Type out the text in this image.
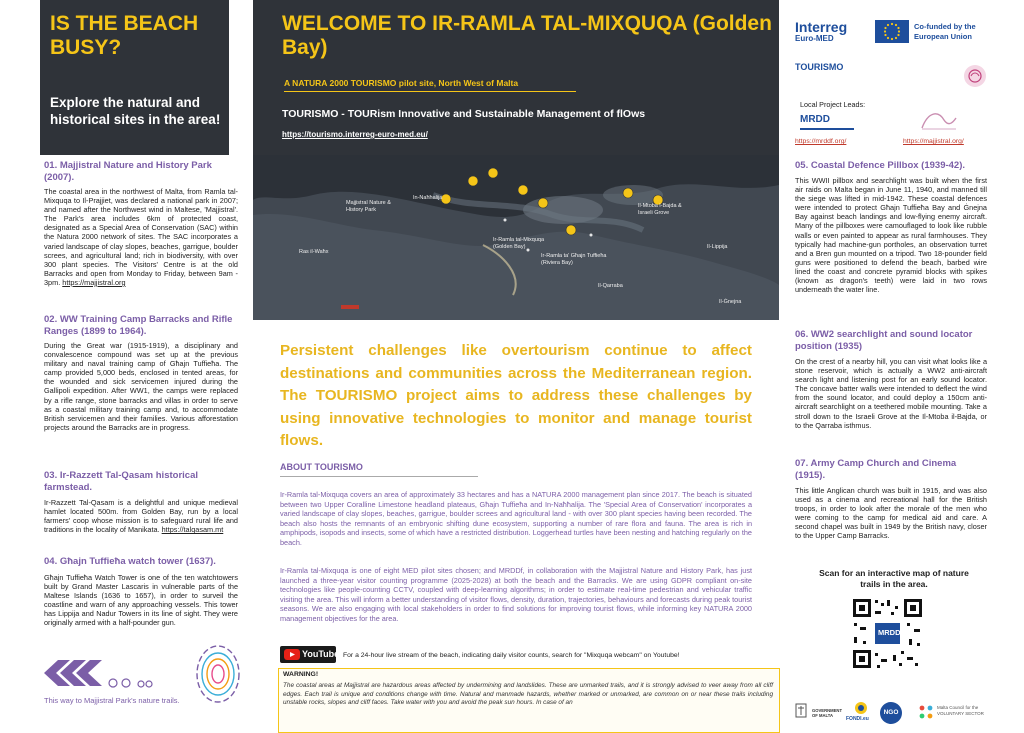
IS THE BEACH BUSY?
Explore the natural and historical sites in the area!
01. Majjistral Nature and History Park (2007).
The coastal area in the northwest of Malta, from Ramla tal-Mixquqa to Il-Prajjiet, was declared a national park in 2007; and named after the Northwest wind in Maltese, 'Majjistral'. The Park's area includes 6km of protected coast, designated as a Special Area of Conservation (SAC) within the Natura 2000 network of sites. The SAC incorporates a varied landscape of clay slopes, beaches, garrigue, boulder screes, and agricultural land; rich in biodiversity, with over 300 plant species. The Visitors' Centre is at the old Barracks and open from Monday to Friday, between 9am - 3pm. https://majjistral.org
02. WW Training Camp Barracks and Rifle Ranges (1899 to 1964).
During the Great war (1915-1919), a disciplinary and convalescence compound was set up at the previous military and naval training camp of Għajn Tuffieħa. The camp provided 5,000 beds, enclosed in tented areas, for the wounded and sick servicemen injured during the Gallipoli expedition. After WW1, the camps were replaced by a rifle range, stone barracks and villas in order to serve as a coastal military training camp and, to accommodate British servicemen and their families. Various afforestation projects around the Barracks are in progress.
03. Ir-Razzett Tal-Qasam historical farmstead.
Ir-Razzett Tal-Qasam is a delightful and unique medieval hamlet located 500m. from Golden Bay, run by a local farmers' coop whose mission is to safeguard rural life and traditions in the locality of Manikata. https://talqasam.mt
04. Għajn Tuffieħa watch tower (1637).
Għajn Tuffieħa Watch Tower is one of the ten watchtowers built by Grand Master Lascaris in vulnerable parts of the Maltese Islands (1636 to 1657), in order to surveil the coastline and warn of any approaching vessels. This tower has Lippija and Nadur Towers in its line of sight. They were originally armed with a half-pounder gun.
This way to Majjistral Park's nature trails.
WELCOME TO IR-RAMLA TAL-MIXQUQA (Golden Bay)
A NATURA 2000 TOURISMO pilot site, North West of Malta
TOURISMO - TOURism Innovative and Sustainable Management of flOws
https://tourismo.interreg-euro-med.eu/
Majjistral Nature & History Park
In-Naħħalija
Ras il-Waħx
Ir-Ramla tal-Mixquqa (Golden Bay)
Ir-Ramla ta' Għajn Tuffieħa (Riviera Bay)
Il-Qarraba
Il-Lippija
Il-Ġnejna
Il-Mtoba l-Bajda & Israeli Grove
Persistent challenges like overtourism continue to affect destinations and communities across the Mediterranean region. The TOURISMO project aims to address these challenges by using innovative technologies to monitor and manage tourist flows.
ABOUT TOURISMO
Ir-Ramla tal-Mixquqa covers an area of approximately 33 hectares and has a NATURA 2000 management plan since 2017. The beach is situated between two Upper Coralline Limestone headland plateaus, Għajn Tuffieħa and In-Naħħalija. The 'Special Area of Conservation' incorporates a varied landscape of clay slopes, beaches, garrigue, boulder screes and agricultural land - with over 300 plant species having been recorded. The beach also hosts the remnants of an embryonic shifting dune ecosystem, supporting a number of rare flora and fauna. The area is rich in amphipods, isopods and insects, some of which have a restricted distribution. Loggerhead turtles have been nesting and hatching regularly on the beach.
Ir-Ramla tal-Mixquqa is one of eight MED pilot sites chosen; and MRDDf, in collaboration with the Majjistral Nature and History Park, has just launched a three-year visitor counting programme (2025-2028) at both the beach and the Barracks. We are using GDPR compliant on-site technologies like people-counting CCTV, coupled with deep-learning algorithms; in order to estimate real-time pedestrian and vehicular traffic visiting the area. This will inform a better understanding of visitor flows, density, duration, trajectories, behaviours and forecasts during peak tourist seasons. We are also engaging with local stakeholders in order to find solutions for improving tourist flows, while informing key NATURA 2000 management objectives for the area.
YouTube For a 24-hour live stream of the beach, indicating daily visitor counts, search for "Mixquqa webcam" on Youtube!
WARNING!
The coastal areas at Majjistral are hazardous areas affected by undermining and landslides. These are unmarked trails, and it is strongly advised to veer away from all cliff edges. Each trail is unique and conditions change with time. Natural and manmade hazards, whether marked or unmarked, are common on or near these trails including unstable rocks, slopes and cliff faces. Take water with you and avoid the peak sun hours. In case of an
Interreg
Euro-MED
Co-funded by the European Union
TOURISMO
Local Project Leads:
MRDD
https://mrddf.org/	https://majjistral.org/
05. Coastal Defence Pillbox (1939-42).
This WWII pillbox and searchlight was built when the first air raids on Malta began in June 11, 1940, and manned till the siege was lifted in mid-1942. These coastal defences were intended to protect Għajn Tuffieħa Bay and Ġnejna Bay against beach landings and low-flying enemy aircraft. Many of the pillboxes were camouflaged to look like rubble walls or even painted to appear as rural farmhouses. They typically had machine-gun portholes, an observation turret and a Bren gun mounted on a tripod. Two 18-pounder field guns were positioned to defend the beach, barbed wire lined the coast and concrete pyramid blocks with spikes (known as dragon's teeth) were laid in two rows underneath the water line.
06. WW2 searchlight and sound locator position (1935)
On the crest of a nearby hill, you can visit what looks like a stone reservoir, which is actually a WW2 anti-aircraft search light and listening post for an early sound locator. The concave batter walls were intended to deflect the wind from the sound locator, and could deploy a 150cm anti-aircraft searchlight on a teethered mobile mounting. Take a stroll down to the Israeli Grove at the Il-Mtoba il-Bajda, or to the Qarraba isthmus.
07. Army Camp Church and Cinema (1915).
This little Anglican church was built in 1915, and was also used as a cinema and recreational hall for the British troops, in order to look after the morale of the men who were coming to the camp for medical aid and care. A second chapel was built in 1949 by the British navy, closer to the Upper Camp Barracks.
Scan for an interactive map of nature trails in the area.
MRDD
GOVERNMENT OF MALTA
FONDI.eu
NGO
Malta Council for the VOLUNTARY SECTOR
